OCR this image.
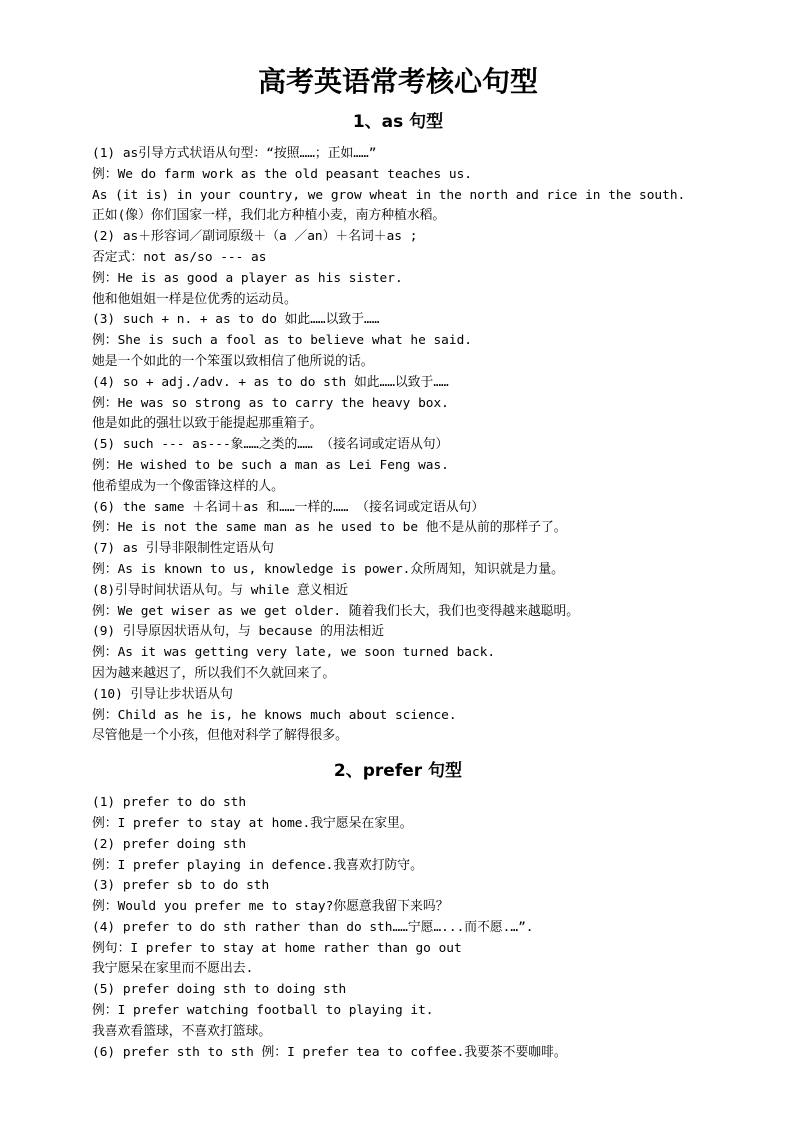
高考英语常考核心句型
1、as 句型
(1) as引导方式状语从句型：“按照……；正如……”
例：We do farm work as the old peasant teaches us.
As (it is) in your country, we grow wheat in the north and rice in the south.
正如(像）你们国家一样，我们北方种植小麦，南方种植水稻。
(2) as＋形容词／副词原级＋（a ／an）＋名词＋as ;
否定式：not as/so --- as
例：He is as good a player as his sister.
他和他姐姐一样是位优秀的运动员。
(3) such + n. + as to do 如此……以致于……
例：She is such a fool as to believe what he said.
她是一个如此的一个笨蛋以致相信了他所说的话。
(4) so + adj./adv. + as to do sth 如此……以致于……
例：He was so strong as to carry the heavy box.
他是如此的强壮以致于能提起那重箱子。
(5) such --- as---象……之类的…… （接名词或定语从句）
例：He wished to be such a man as Lei Feng was.
他希望成为一个像雷锋这样的人。
(6) the same ＋名词＋as 和……一样的…… （接名词或定语从句）
例：He is not the same man as he used to be 他不是从前的那样子了。
(7) as 引导非限制性定语从句
例：As is known to us, knowledge is power.众所周知，知识就是力量。
(8)引导时间状语从句。与 while 意义相近
例：We get wiser as we get older. 随着我们长大，我们也变得越来越聪明。
(9) 引导原因状语从句，与 because 的用法相近
例：As it was getting very late, we soon turned back.
因为越来越迟了，所以我们不久就回来了。
(10) 引导让步状语从句
例：Child as he is, he knows much about science.
尽管他是一个小孩，但他对科学了解得很多。
2、prefer 句型
(1) prefer to do sth
例：I prefer to stay at home.我宁愿呆在家里。
(2) prefer doing sth
例：I prefer playing in defence.我喜欢打防守。
(3) prefer sb to do sth
例：Would you prefer me to stay?你愿意我留下来吗？
(4) prefer to do sth rather than do sth……宁愿…...而不愿.…”.
例句：I prefer to stay at home rather than go out
我宁愿呆在家里而不愿出去.
(5) prefer doing sth to doing sth
例：I prefer watching football to playing it.
我喜欢看篮球，不喜欢打篮球。
(6) prefer sth to sth 例：I prefer tea to coffee.我要茶不要咖啡。
